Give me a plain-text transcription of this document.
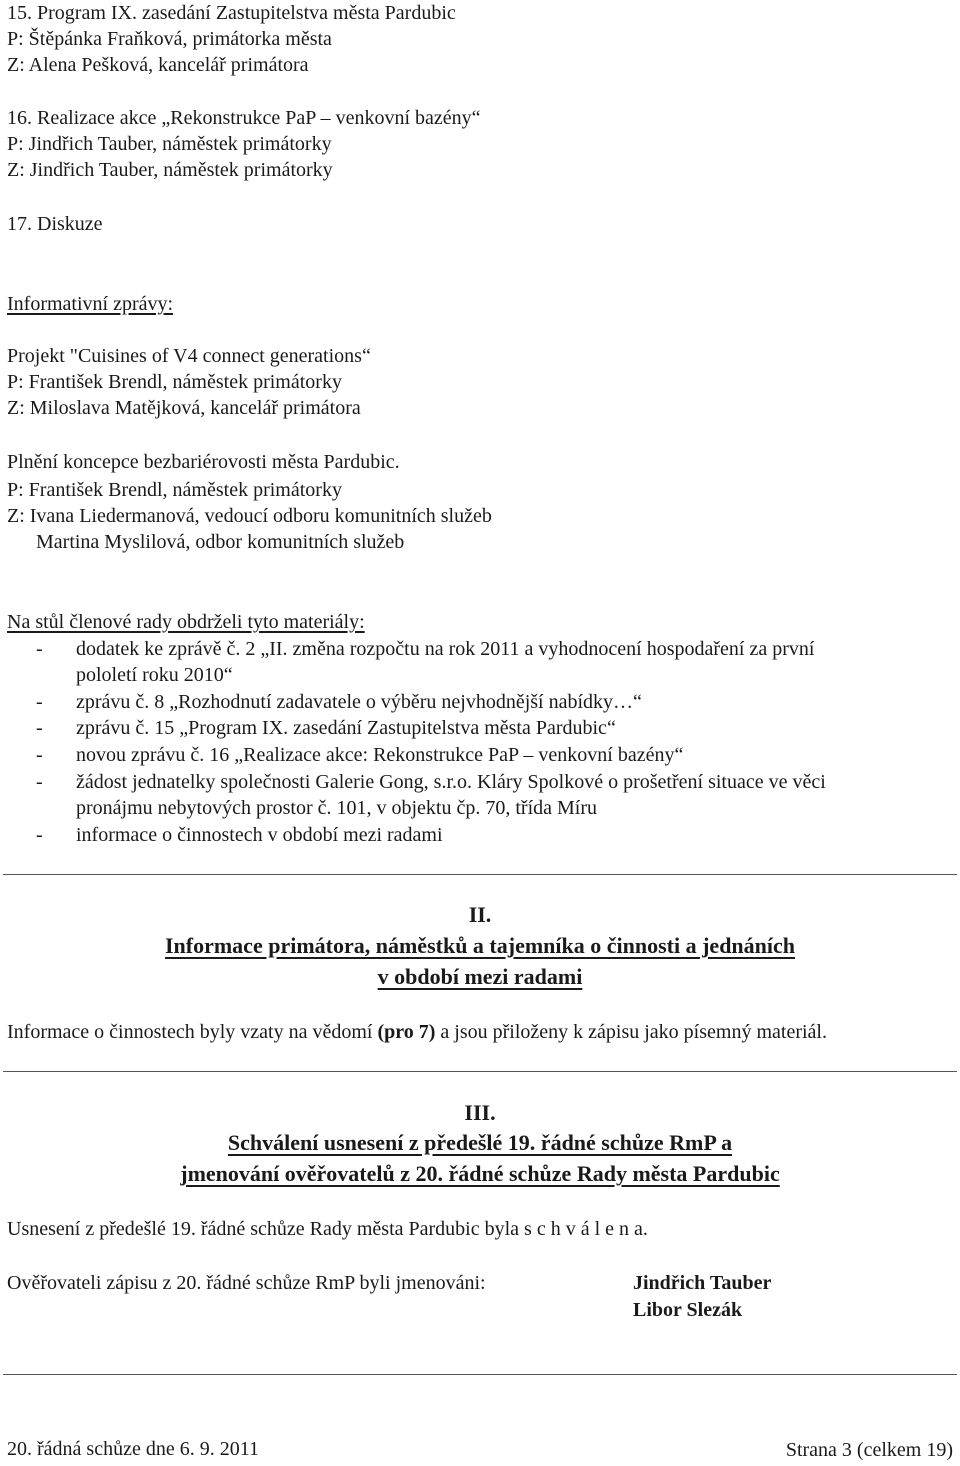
15. Program IX. zasedání Zastupitelstva města Pardubic
P: Štěpánka Fraňková, primátorka města
Z: Alena Pešková, kancelář primátora
16. Realizace akce „Rekonstrukce PaP – venkovní bazény“
P: Jindřich Tauber, náměstek primátorky
Z: Jindřich Tauber, náměstek primátorky
17. Diskuze
Informativní zprávy:
Projekt "Cuisines of V4 connect generations“
P: František Brendl, náměstek primátorky
Z: Miloslava Matějková, kancelář primátora
Plnění koncepce bezbariérovosti města Pardubic.
P: František Brendl, náměstek primátorky
Z: Ivana Liedermanová, vedoucí odboru komunitních služeb
Martina Myslilová, odbor komunitních služeb
Na stůl členové rady obdrželi tyto materiály:
- dodatek ke zprávě č. 2 „II. změna rozpočtu na rok 2011 a vyhodnocení hospodaření za první
pololetí roku 2010“
- zprávu č. 8 „Rozhodnutí zadavatele o výběru nejvhodnější nabídky…“
- zprávu č. 15 „Program IX. zasedání Zastupitelstva města Pardubic“
- novou zprávu č. 16 „Realizace akce: Rekonstrukce PaP – venkovní bazény“
- žádost jednatelky společnosti Galerie Gong, s.r.o. Kláry Spolkové o prošetření situace ve věci
pronájmu nebytových prostor č. 101, v objektu čp. 70, třída Míru
- informace o činnostech v období mezi radami
II.
Informace primátora, náměstků a tajemníka o činnosti a jednáních
v období mezi radami
Informace o činnostech byly vzaty na vědomí (pro 7) a jsou přiloženy k zápisu jako písemný materiál.
III.
Schválení usnesení z předešlé 19. řádné schůze RmP a
jmenování ověřovatelů z 20. řádné schůze Rady města Pardubic
Usnesení z předešlé 19. řádné schůze Rady města Pardubic byla s c h v á l e n a.
Ověřovateli zápisu z 20. řádné schůze RmP byli jmenováni:	Jindřich Tauber
Libor Slezák
20. řádná schůze dne 6. 9. 2011	Strana 3 (celkem 19)
